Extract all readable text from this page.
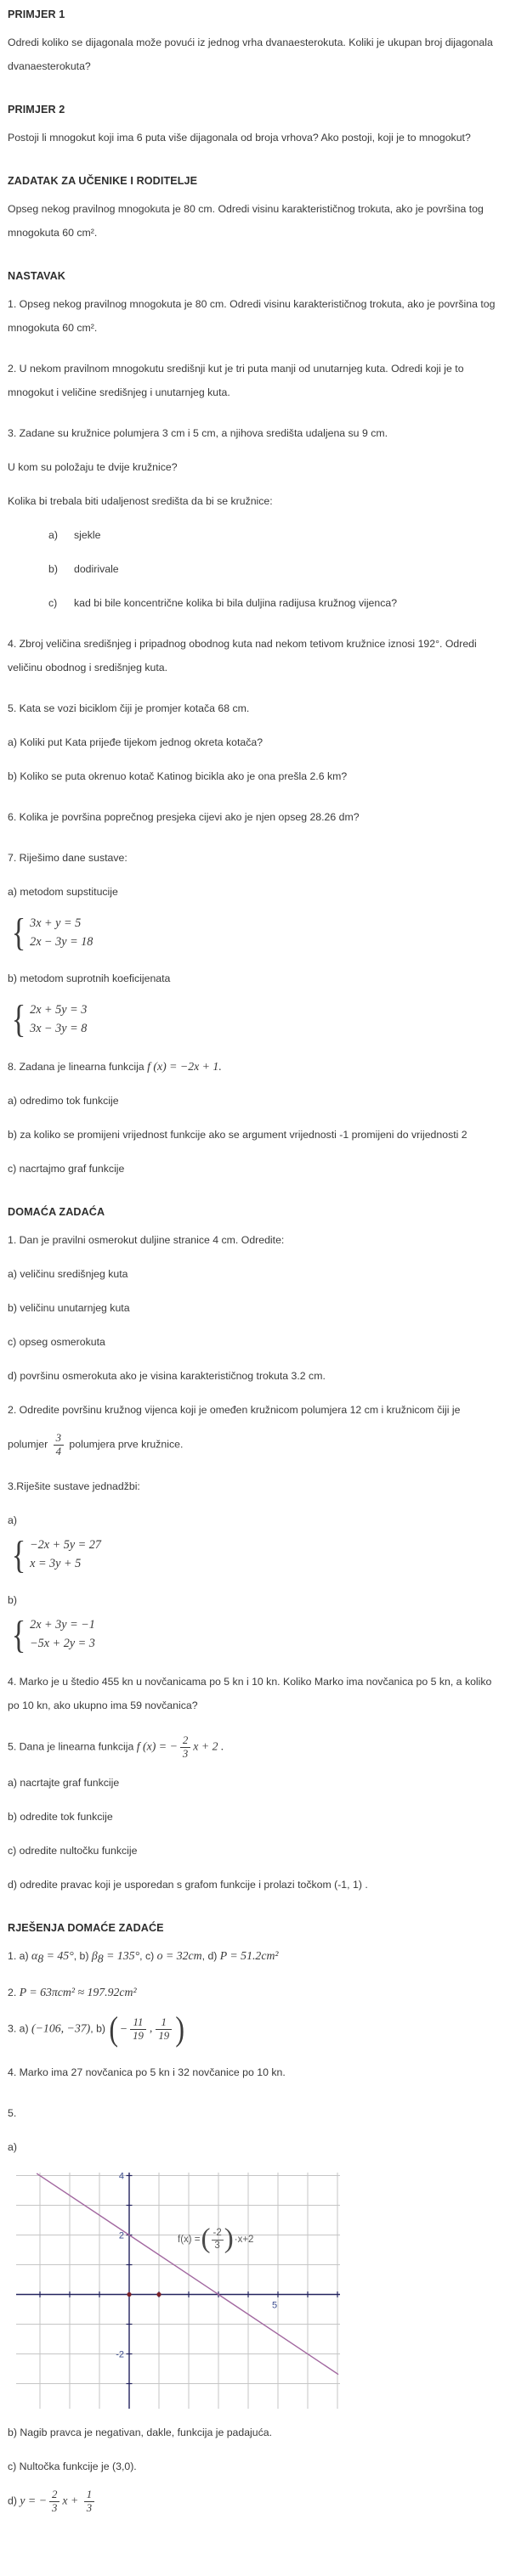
PRIMJER 1

Odredi koliko se dijagonala može povući iz jednog vrha dvanaesterokuta. Koliki je ukupan broj dijagonala dvanaesterokuta?

PRIMJER 2

Postoji li mnogokut koji ima 6 puta više dijagonala od broja vrhova? Ako postoji, koji je to mnogokut?

ZADATAK ZA UČENIKE I RODITELJE

Opseg nekog pravilnog mnogokuta je 80 cm. Odredi visinu karakterističnog trokuta, ako je površina tog mnogokuta 60 cm².

NASTAVAK

1. Opseg nekog pravilnog mnogokuta je 80 cm. Odredi visinu karakterističnog trokuta, ako je površina tog mnogokuta 60 cm².

2. U nekom pravilnom mnogokutu središnji kut je tri puta manji od unutarnjeg kuta. Odredi koji je to mnogokut i veličine središnjeg i unutarnjeg kuta.

3. Zadane su kružnice polumjera 3 cm i 5 cm, a njihova središta udaljena su 9 cm.

U kom su položaju te dvije kružnice?

Kolika bi trebala biti udaljenost središta da bi se kružnice:

a) sjekle

b) dodirivale

c) kad bi bile koncentrične kolika bi bila duljina radijusa kružnog vijenca?

4. Zbroj veličina središnjeg i pripadnog obodnog kuta nad nekom tetivom kružnice iznosi 192°. Odredi veličinu obodnog i središnjeg kuta.

5. Kata se vozi biciklom čiji je promjer kotača 68 cm.

a) Koliki put Kata prijeđe tijekom jednog okreta kotača?

b) Koliko se puta okrenuo kotač Katinog bicikla ako je ona prešla 2.6 km?

6. Kolika je površina poprečnog presjeka cijevi ako je njen opseg 28.26 dm?

7. Riješimo dane sustave:

a) metodom supstitucije

{ 3x + y = 5
2x − 3y = 18

b) metodom suprotnih koeficijenata

{ 2x + 5y = 3
3x − 3y = 8

8. Zadana je linearna funkcija f (x) = −2x + 1.

a) odredimo tok funkcije

b) za koliko se promijeni vrijednost funkcije ako se argument vrijednosti -1 promijeni do vrijednosti 2

c) nacrtajmo graf funkcije

DOMAĆA ZADAĆA

1. Dan je pravilni osmerokut duljine stranice 4 cm. Odredite:

a) veličinu središnjeg kuta

b) veličinu unutarnjeg kuta

c) opseg osmerokuta

d) površinu osmerokuta ako je visina karakterističnog trokuta 3.2 cm.

2. Odredite površinu kružnog vijenca koji je omeđen kružnicom polumjera 12 cm i kružnicom čiji je

polumjer $\frac{3}{4}$ polumjera prve kružnice.

3.Riješite sustave jednadžbi:

a)

{ −2x + 5y = 27
x = 3y + 5

b)

{ 2x + 3y = −1
−5x + 2y = 3

4. Marko je u štedio 455 kn u novčanicama po 5 kn i 10 kn. Koliko Marko ima novčanica po 5 kn, a koliko po 10 kn, ako ukupno ima 59 novčanica?

5. Dana je linearna funkcija f (x) = − $\frac{2}{3}$ x + 2 .

a) nacrtajte graf funkcije

b) odredite tok funkcije

c) odredite nultočku funkcije

d) odredite pravac koji je usporedan s grafom funkcije i prolazi točkom (-1, 1) .

RJEŠENJA DOMAĆE ZADAĆE

1. a) $\alpha_8 = 45^\circ$, b) $\beta_8 = 135^\circ$, c) o = 32cm, d) P = 51.2cm²

2. P = 63πcm² ≈ 197.92cm²

3. a) (−106, −37), b) ( − $\frac{11}{19}$ , $\frac{1}{19}$ )

4. Marko ima 27 novčanica po 5 kn i 32 novčanice po 10 kn.

5.

a)

5
4
2
-2
f(x) = ( -2
3 ) ·x+2

b) Nagib pravca je negativan, dakle, funkcija je padajuća.

c) Nultočka funkcije je (3,0).

d) y = − $\frac{2}{3}$ $x + \frac{1}{3}$
